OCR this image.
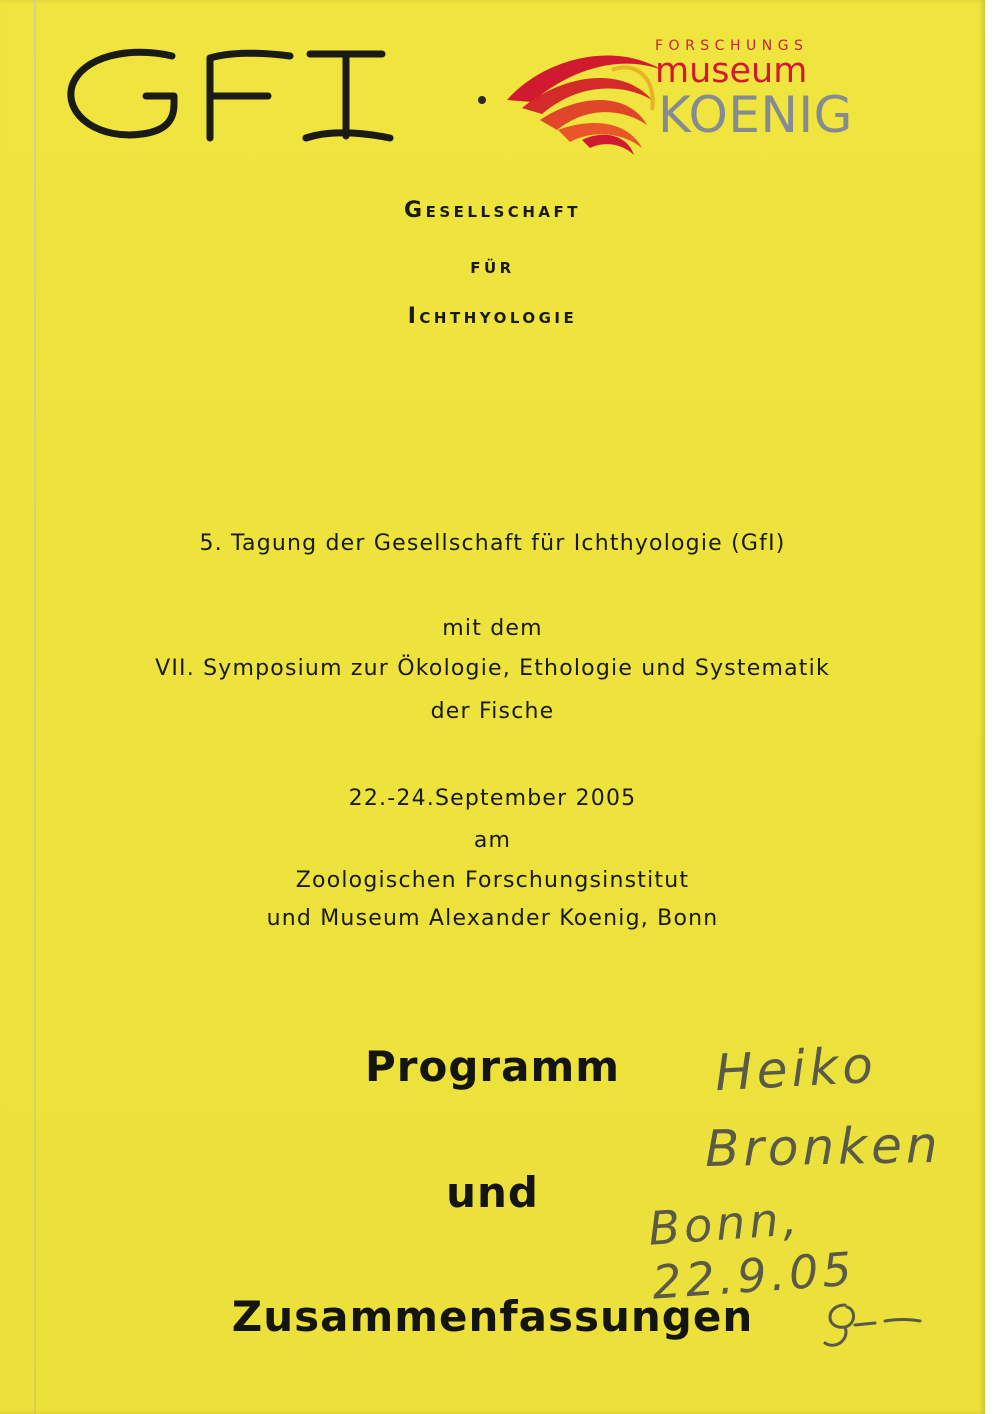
FORSCHUNGS
museum
KOENIG

Gesellschaft

für

Ichthyologie

5. Tagung der Gesellschaft für Ichthyologie (GfI)

mit dem

VII. Symposium zur Ökologie, Ethologie und Systematik

der Fische

22.-24.September 2005

am

Zoologischen Forschungsinstitut

und Museum Alexander Koenig, Bonn

Programm

und

Zusammenfassungen

Heiko
Bronken
Bonn, 22.9.05
